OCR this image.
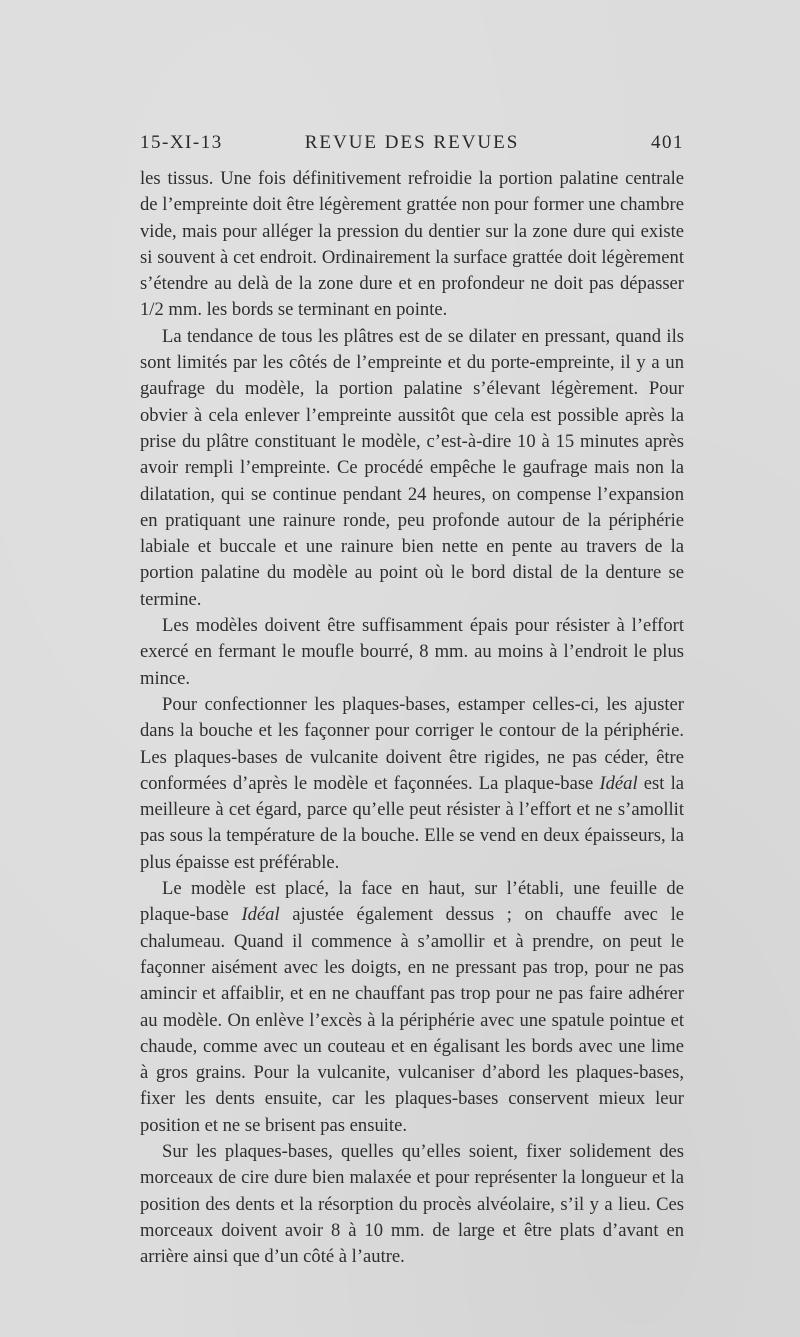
15-XI-13	REVUE DES REVUES	401

les tissus. Une fois définitivement refroidie la portion palatine centrale de l’empreinte doit être légèrement grattée non pour former une chambre vide, mais pour alléger la pression du dentier sur la zone dure qui existe si souvent à cet endroit. Ordinairement la surface grattée doit légèrement s’étendre au delà de la zone dure et en profondeur ne doit pas dépasser 1/2 mm. les bords se terminant en pointe.

La tendance de tous les plâtres est de se dilater en pressant, quand ils sont limités par les côtés de l’empreinte et du porte-empreinte, il y a un gaufrage du modèle, la portion palatine s’élevant légèrement. Pour obvier à cela enlever l’empreinte aussitôt que cela est possible après la prise du plâtre constituant le modèle, c’est-à-dire 10 à 15 minutes après avoir rempli l’empreinte. Ce procédé empêche le gaufrage mais non la dilatation, qui se continue pendant 24 heures, on compense l’expansion en pratiquant une rainure ronde, peu profonde autour de la périphérie labiale et buccale et une rainure bien nette en pente au travers de la portion palatine du modèle au point où le bord distal de la denture se termine.

Les modèles doivent être suffisamment épais pour résister à l’effort exercé en fermant le moufle bourré, 8 mm. au moins à l’endroit le plus mince.

Pour confectionner les plaques-bases, estamper celles-ci, les ajuster dans la bouche et les façonner pour corriger le contour de la périphérie. Les plaques-bases de vulcanite doivent être rigides, ne pas céder, être conformées d’après le modèle et façonnées. La plaque-base Idéal est la meilleure à cet égard, parce qu’elle peut résister à l’effort et ne s’amollit pas sous la température de la bouche. Elle se vend en deux épaisseurs, la plus épaisse est préférable.

Le modèle est placé, la face en haut, sur l’établi, une feuille de plaque-base Idéal ajustée également dessus ; on chauffe avec le chalumeau. Quand il commence à s’amollir et à prendre, on peut le façonner aisément avec les doigts, en ne pressant pas trop, pour ne pas amincir et affaiblir, et en ne chauffant pas trop pour ne pas faire adhérer au modèle. On enlève l’excès à la périphérie avec une spatule pointue et chaude, comme avec un couteau et en égalisant les bords avec une lime à gros grains. Pour la vulcanite, vulcaniser d’abord les plaques-bases, fixer les dents ensuite, car les plaques-bases conservent mieux leur position et ne se brisent pas ensuite.

Sur les plaques-bases, quelles qu’elles soient, fixer solidement des morceaux de cire dure bien malaxée et pour représenter la longueur et la position des dents et la résorption du procès alvéolaire, s’il y a lieu. Ces morceaux doivent avoir 8 à 10 mm. de large et être plats d’avant en arrière ainsi que d’un côté à l’autre.
